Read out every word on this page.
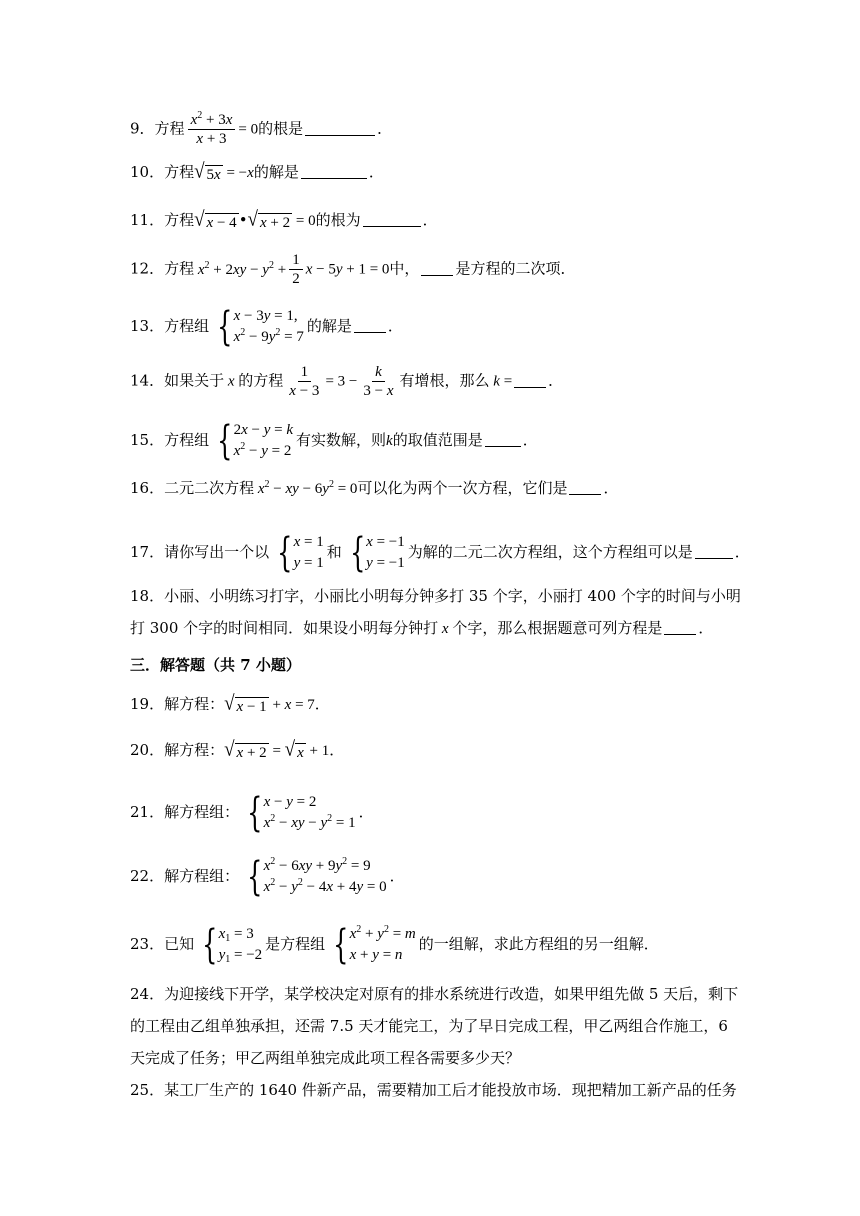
9．方程 $\frac{x^2 + 3x}{x + 3} = 0$的根是	．
10．方程 √ 5x = −x的解是	．
11．方程 √ x − 4 • √ x + 2 = 0的根为	．
12．方程 $x^2 + 2xy - y^2 + \frac{1}{2}$ x − 5y + 1 = 0中， 是方程的二次项．
13．方程组 { x − 3y = 1,
$x^2 - 9y^2 = 7$
的解是 ．
14．如果关于 x 的方程 $\frac{1}{x - 3} = 3 - \frac{k}{3 - x}$ 有增根，那么 k = ．
15．方程组 { 2x − y = k
$x^2 - y = 2$
有实数解，则k的取值范围是	．
16．二元二次方程 $x^2$ − xy − $6y^2 = 0$可以化为两个一次方程，它们是 ．
17．请你写出一个以 { x = 1
y = 1
和 { x = −1
y = −1
为解的二元二次方程组，这个方程组可以是	．

18．小丽、小明练习打字，小丽比小明每分钟多打 35 个字，小丽打 400 个字的时间与小明

打 300 个字的时间相同．如果设小明每分钟打 x 个字，那么根据题意可列方程是 ．

三．解答题（共 7 小题）
19．解方程： √ x − 1 + x = 7．
20．解方程： √ x + 2 = √ x + 1．
21．解方程组： { x − y = 2
$x^2$ − xy − $y^2 = 1$
．
22．解方程组： { $x^2 - 6xy + 9y^2 = 9$
$x^2 - y^2 - 4x + 4y = 0$
．
23．已知 { $x_1 = 3$
$y_1 = -2$
是方程组 { $x^2 + y^2 = m$
x + y = n
的一组解，求此方程组的另一组解．

24．为迎接线下开学，某学校决定对原有的排水系统进行改造，如果甲组先做 5 天后，剩下

的工程由乙组单独承担，还需 7.5 天才能完工，为了早日完成工程，甲乙两组合作施工，6

天完成了任务；甲乙两组单独完成此项工程各需要多少天？

25．某工厂生产的 1640 件新产品，需要精加工后才能投放市场．现把精加工新产品的任务
